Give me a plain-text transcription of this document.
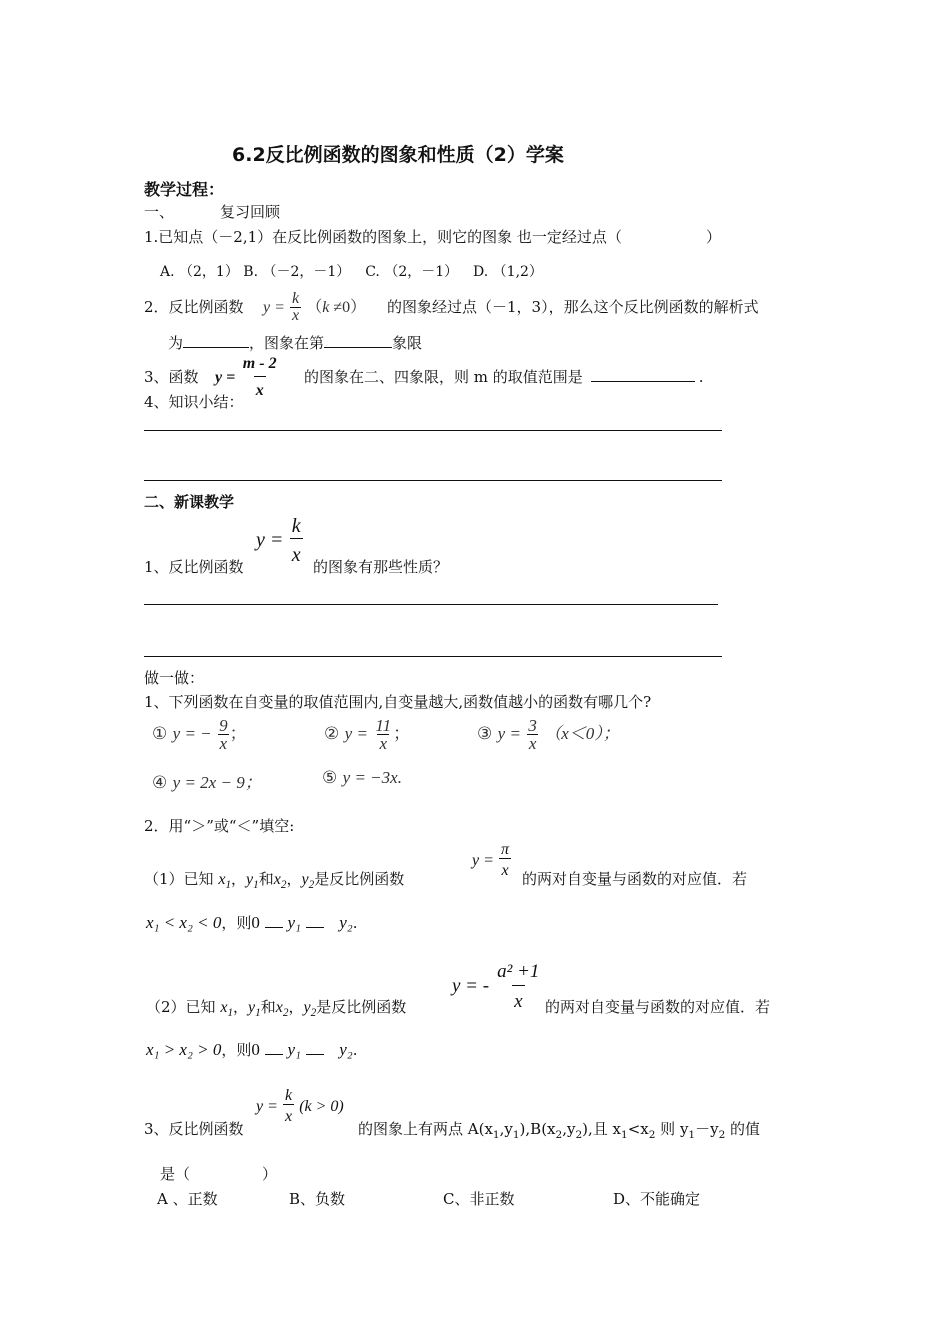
6.2反比例函数的图象和性质（2）学案
教学过程：
一、	复习回顾
1.已知点（－2,1）在反比例函数的图象上，则它的图象 也一定经过点（	）
A. （2，1） B. （－2，－1） C. （2，－1） D. （1,2）
2．反比例函数 $y = \frac{k}{x} (k \ne 0)$ 的图象经过点（－1，3），那么这个反比例函数的解析式
为	，图象在第	象限
3、函数 $y = \frac{m - 2}{x}$ 的图象在二、四象限，则 m 的取值范围是	.
4、知识小结：
二、新课教学
1、反比例函数
$y = \frac{k}{x}$
的图象有那些性质？
做一做：
1、下列函数在自变量的取值范围内,自变量越大,函数值越小的函数有哪几个?
① y = − $\frac{9}{x}$ ；	② $y = \frac{11}{x}$ ；	③ $y = \frac{3}{x} (x<0)$；
④ y = 2x − 9；	⑤ y = −3x.
2．用“＞”或“＜”填空:
（1）已知 $x_1$，$y_1$和$x_2$，$y_2$是反比例函数
$y = \frac{\pi}{x}$ 的两对自变量与函数的对应值．若
x₁ < x₂ < 0，则0 y₁ y₂.
（2）已知 $x_1$，$y_1$和$x_2$，$y_2$是反比例函数
y = - $\frac{\text{a² +1}}{x}$ 的两对自变量与函数的对应值．若
x₁ > x₂ > 0，则0 y₁ y₂.
3、反比例函数
$y = \frac{k}{x} (k > 0)$
的图象上有两点 $A(x_1,y_1),B(x_2,y_2)$,且 $x_1<x_2$ 则 $y_1-y_2$ 的值
是（	）
A 、正数	B、负数	C、非正数	D、不能确定
